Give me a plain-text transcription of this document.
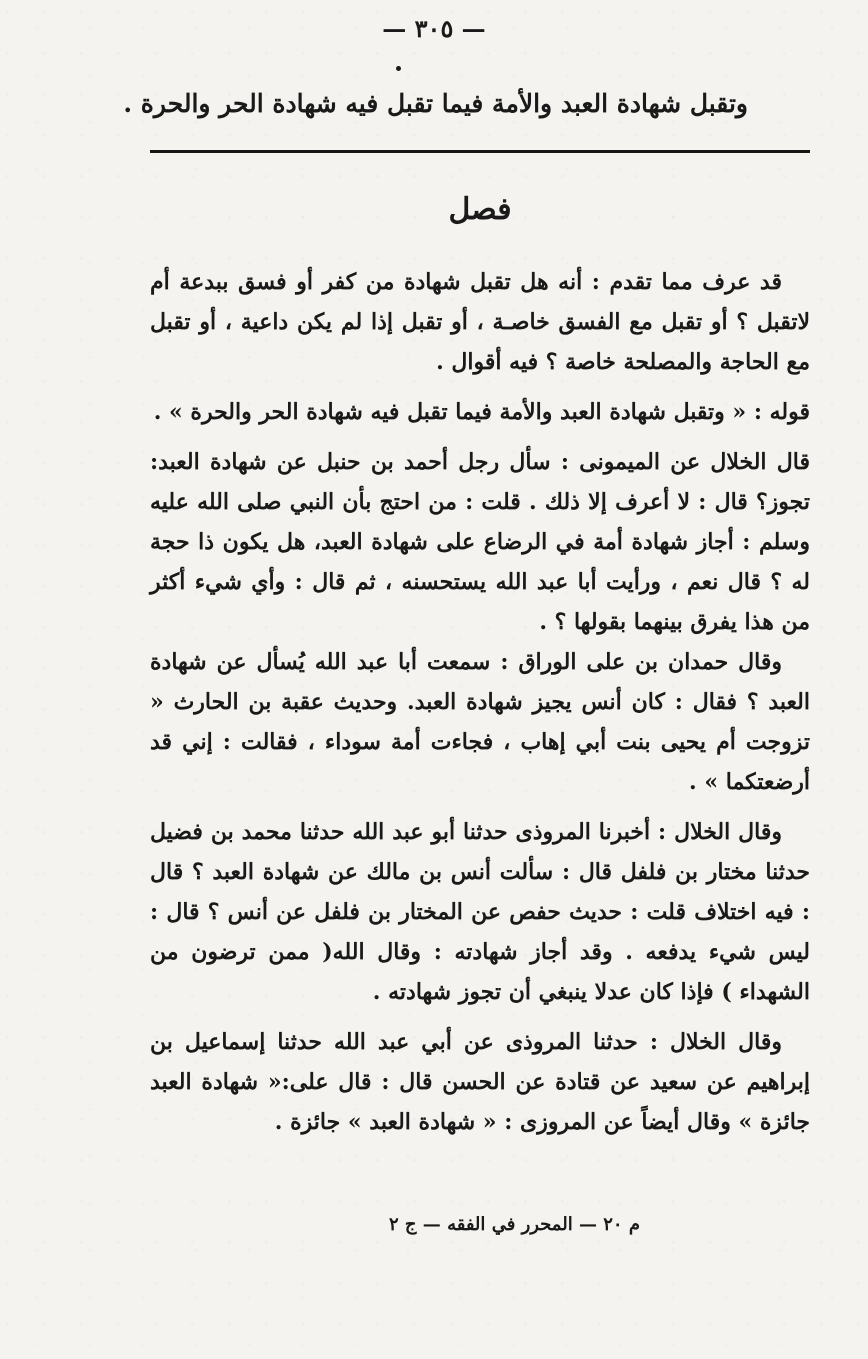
— ٣٠٥ —
وتقبل شهادة العبد والأمة فيما تقبل فيه شهادة الحر والحرة .
فصل

قد عرف مما تقدم : أنه هل تقبل شهادة من كفر أو فسق ببدعة أم لاتقبل ؟ أو تقبل مع الفسق خاصـة ، أو تقبل إذا لم يكن داعية ، أو تقبل مع الحاجة والمصلحة خاصة ؟ فيه أقوال .

قوله : « وتقبل شهادة العبد والأمة فيما تقبل فيه شهادة الحر والحرة » .

قال الخلال عن الميمونى : سأل رجل أحمد بن حنبل عن شهادة العبد: تجوز؟ قال : لا أعرف إلا ذلك . قلت : من احتج بأن النبي صلى الله عليه وسلم : أجاز شهادة أمة في الرضاع على شهادة العبد، هل يكون ذا حجة له ؟ قال نعم ، ورأيت أبا عبد الله يستحسنه ، ثم قال : وأي شيء أكثر من هذا يفرق بينهما بقولها ؟ .

وقال حمدان بن على الوراق : سمعت أبا عبد الله يُسأل عن شهادة العبد ؟ فقال : كان أنس يجيز شهادة العبد. وحديث عقبة بن الحارث « تزوجت أم يحيى بنت أبي إهاب ، فجاءت أمة سوداء ، فقالت : إني قد أرضعتكما » .

وقال الخلال : أخبرنا المروذى حدثنا أبو عبد الله حدثنا محمد بن فضيل حدثنا مختار بن فلفل قال : سألت أنس بن مالك عن شهادة العبد ؟ قال : فيه اختلاف قلت : حديث حفص عن المختار بن فلفل عن أنس ؟ قال : ليس شيء يدفعه . وقد أجاز شهادته : وقال الله( ممن ترضون من الشهداء ) فإذا كان عدلا ينبغي أن تجوز شهادته .

وقال الخلال : حدثنا المروذى عن أبي عبد الله حدثنا إسماعيل بن إبراهيم عن سعيد عن قتادة عن الحسن قال : قال على:« شهادة العبد جائزة » وقال أيضاً عن المروزى : « شهادة العبد » جائزة .

م ٢٠ — المحرر في الفقه — ج ٢
